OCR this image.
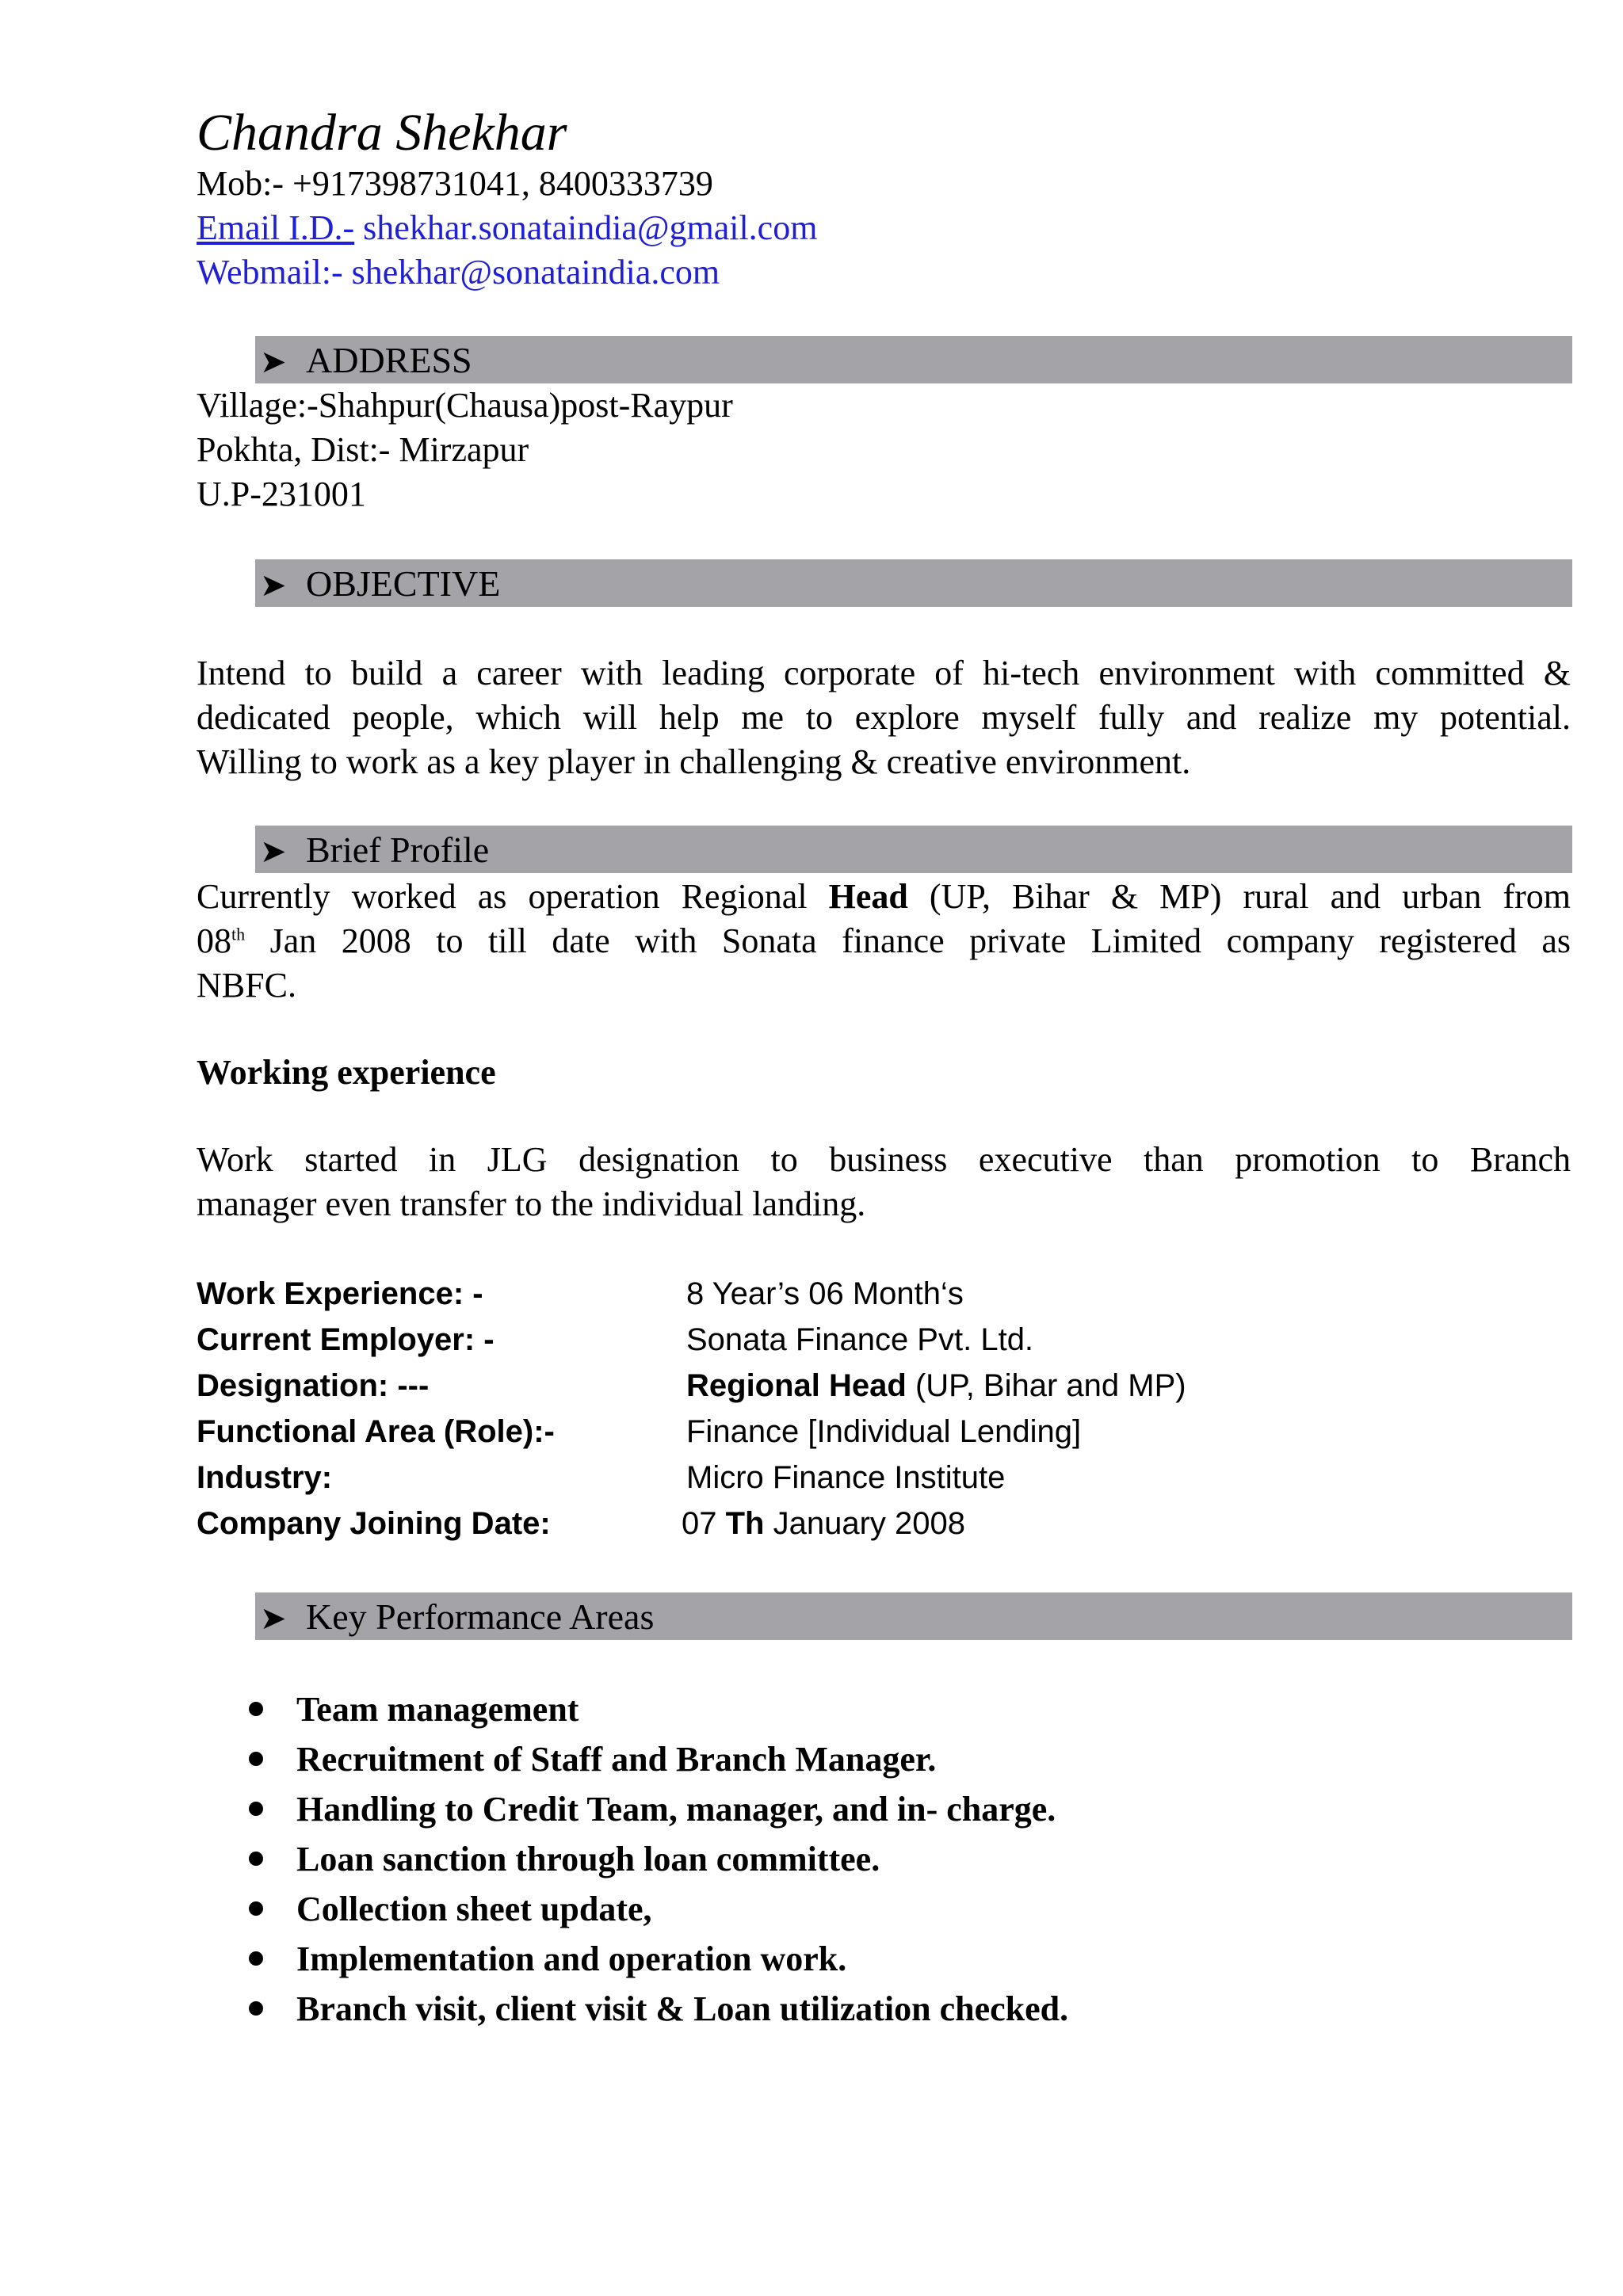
Chandra Shekhar
Mob:- +917398731041, 8400333739
Email I.D.- shekhar.sonataindia@gmail.com
Webmail:- shekhar@sonataindia.com
➤ ADDRESS
Village:-Shahpur(Chausa)post-Raypur
Pokhta, Dist:- Mirzapur
U.P-231001
➤ OBJECTIVE
Intend to build a career with leading corporate of hi-tech environment with committed &
dedicated people, which will help me to explore myself fully and realize my potential.
Willing to work as a key player in challenging & creative environment.
➤ Brief Profile
Currently worked as operation Regional Head (UP, Bihar & MP) rural and urban from
08th Jan 2008 to till date with Sonata finance private Limited company registered as
NBFC.
Working experience
Work started in JLG designation to business executive than promotion to Branch
manager even transfer to the individual landing.
Work Experience: -	8 Year’s 06 Month‘s
Current Employer: -	Sonata Finance Pvt. Ltd.
Designation: ---	Regional Head (UP, Bihar and MP)
Functional Area (Role):-	Finance [Individual Lending]
Industry:	Micro Finance Institute
Company Joining Date:	07 Th January 2008
➤ Key Performance Areas
Team management
Recruitment of Staff and Branch Manager.
Handling to Credit Team, manager, and in- charge.
Loan sanction through loan committee.
Collection sheet update,
Implementation and operation work.
Branch visit, client visit & Loan utilization checked.
